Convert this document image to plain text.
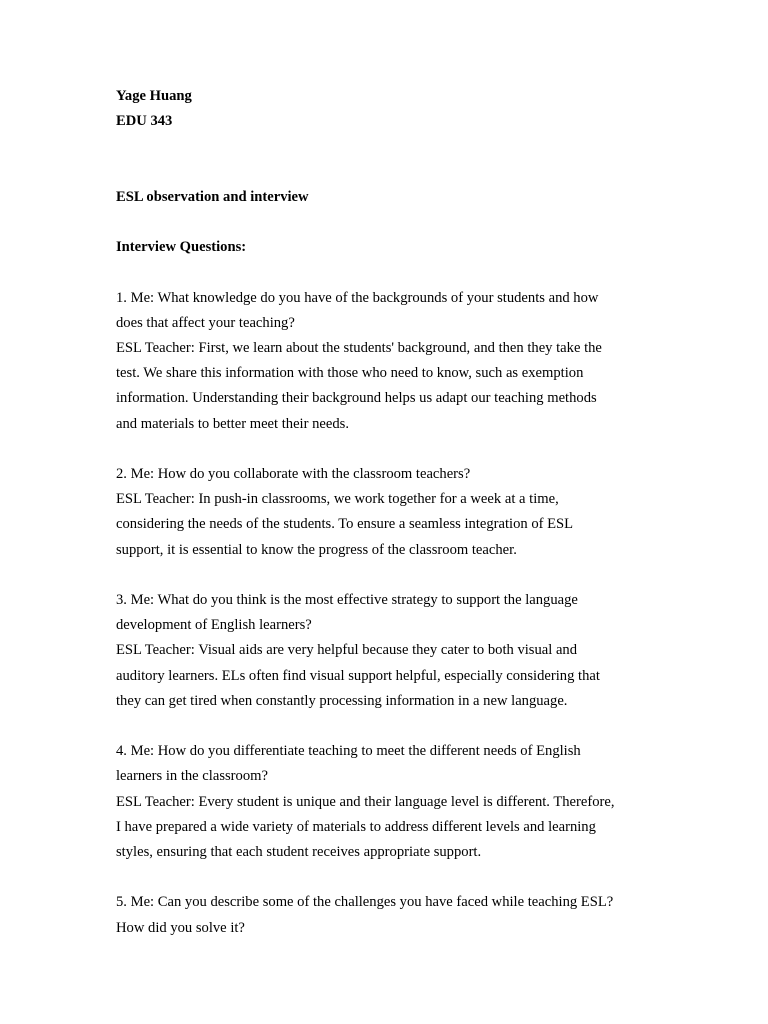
Yage Huang
EDU 343
ESL observation and interview
Interview Questions:
1. Me: What knowledge do you have of the backgrounds of your students and how
does that affect your teaching?
ESL Teacher: First, we learn about the students' background, and then they take the
test. We share this information with those who need to know, such as exemption
information. Understanding their background helps us adapt our teaching methods
and materials to better meet their needs.
2. Me: How do you collaborate with the classroom teachers?
ESL Teacher: In push-in classrooms, we work together for a week at a time,
considering the needs of the students. To ensure a seamless integration of ESL
support, it is essential to know the progress of the classroom teacher.
3. Me: What do you think is the most effective strategy to support the language
development of English learners?
ESL Teacher: Visual aids are very helpful because they cater to both visual and
auditory learners. ELs often find visual support helpful, especially considering that
they can get tired when constantly processing information in a new language.
4. Me: How do you differentiate teaching to meet the different needs of English
learners in the classroom?
ESL Teacher: Every student is unique and their language level is different. Therefore,
I have prepared a wide variety of materials to address different levels and learning
styles, ensuring that each student receives appropriate support.
5. Me: Can you describe some of the challenges you have faced while teaching ESL?
How did you solve it?
